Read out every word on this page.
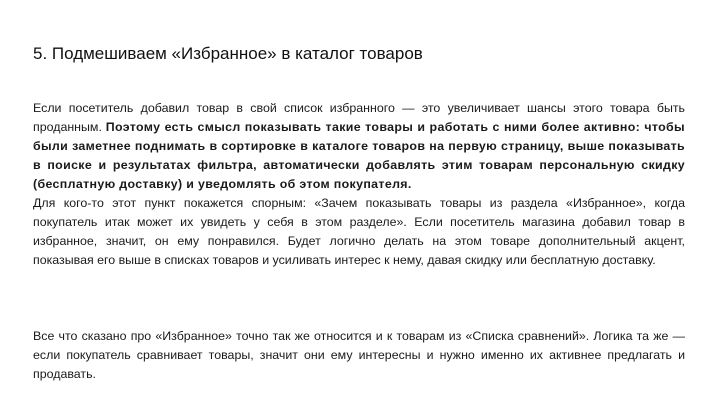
5. Подмешиваем «Избранное» в каталог товаров

Если посетитель добавил товар в свой список избранного — это увеличивает шансы этого товара быть проданным. Поэтому есть смысл показывать такие товары и работать с ними более активно: чтобы были заметнее поднимать в сортировке в каталоге товаров на первую страницу, выше показывать в поиске и результатах фильтра, автоматически добавлять этим товарам персональную скидку (бесплатную доставку) и уведомлять об этом покупателя.

Для кого-то этот пункт покажется спорным: «Зачем показывать товары из раздела «Избранное», когда покупатель итак может их увидеть у себя в этом разделе». Если посетитель магазина добавил товар в избранное, значит, он ему понравился. Будет логично делать на этом товаре дополнительный акцент, показывая его выше в списках товаров и усиливать интерес к нему, давая скидку или бесплатную доставку.

Все что сказано про «Избранное» точно так же относится и к товарам из «Списка сравнений». Логика та же — если покупатель сравнивает товары, значит они ему интересны и нужно именно их активнее предлагать и продавать.
